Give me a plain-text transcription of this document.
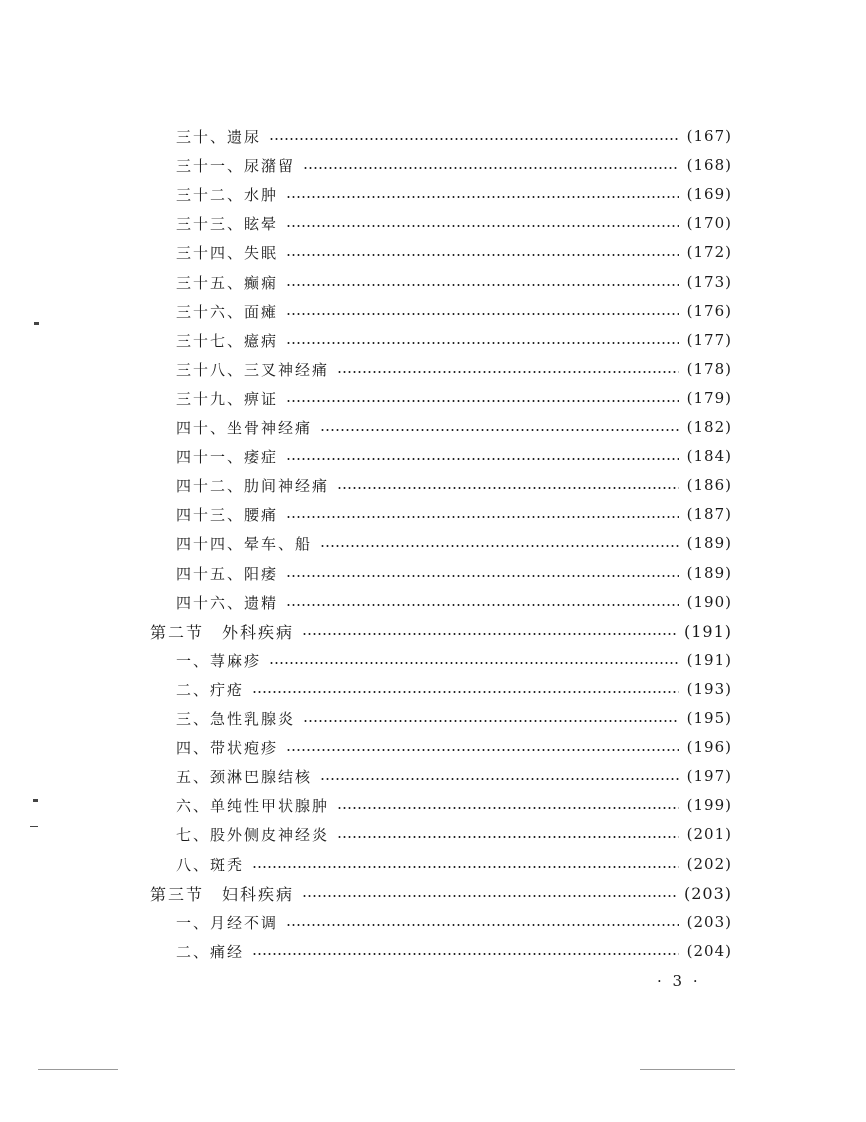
三十、遗尿	(167)
三十一、尿潴留	(168)
三十二、水肿	(169)
三十三、眩晕	(170)
三十四、失眠	(172)
三十五、癫痫	(173)
三十六、面瘫	(176)
三十七、癔病	(177)
三十八、三叉神经痛	(178)
三十九、痹证	(179)
四十、坐骨神经痛	(182)
四十一、痿症	(184)
四十二、肋间神经痛	(186)
四十三、腰痛	(187)
四十四、晕车、船	(189)
四十五、阳痿	(189)
四十六、遗精	(190)
第二节　外科疾病	(191)
一、荨麻疹	(191)
二、疔疮	(193)
三、急性乳腺炎	(195)
四、带状疱疹	(196)
五、颈淋巴腺结核	(197)
六、单纯性甲状腺肿	(199)
七、股外侧皮神经炎	(201)
八、斑秃	(202)
第三节　妇科疾病	(203)
一、月经不调	(203)
二、痛经	(204)
· 3 ·
